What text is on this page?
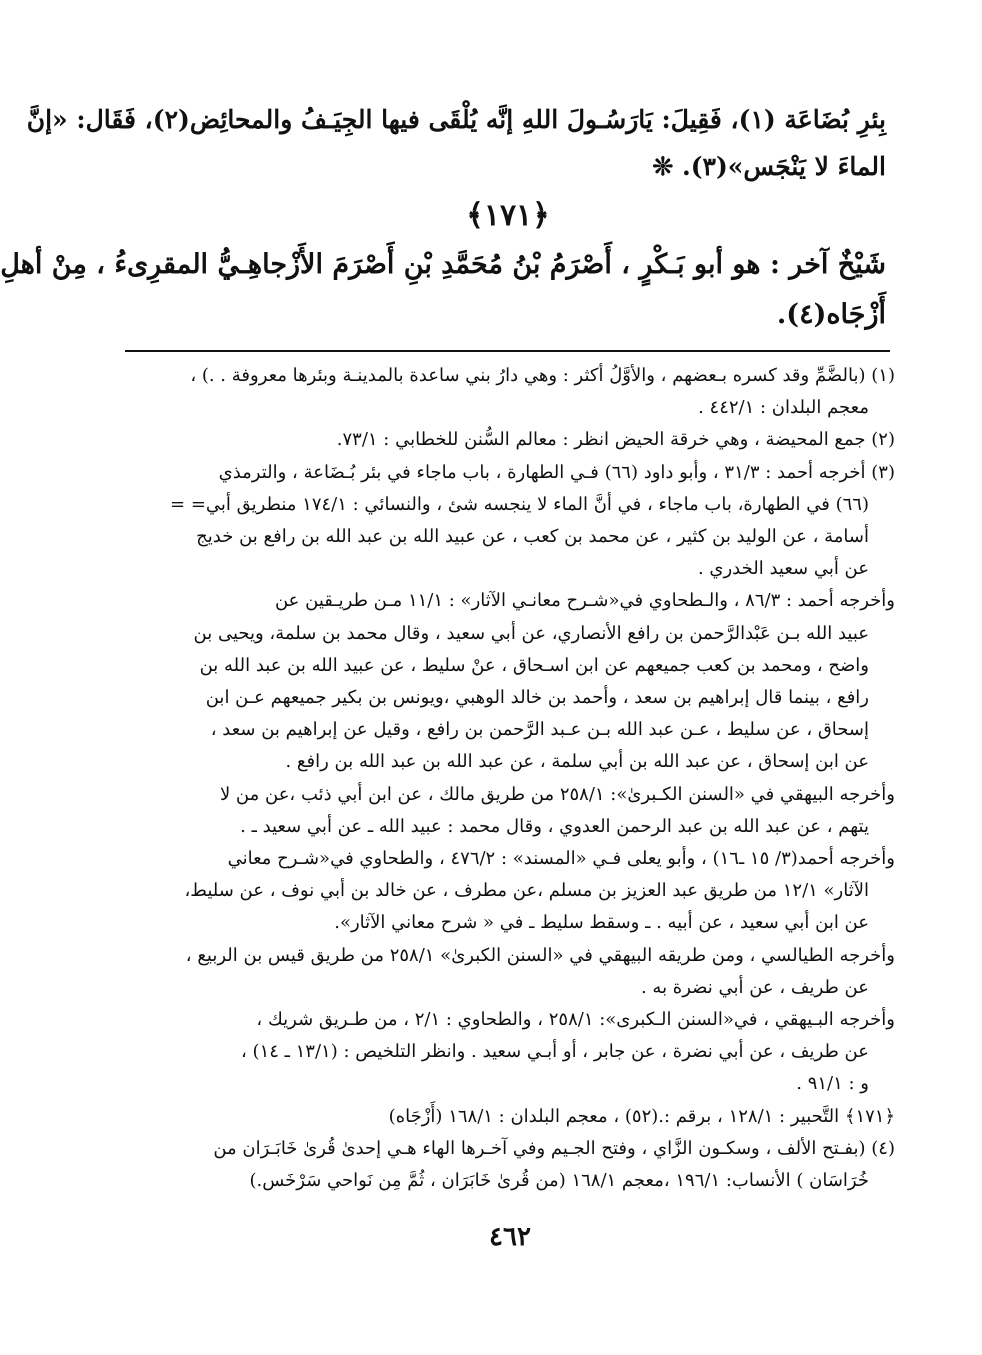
بِئرِ بُضَاعَة (١)، فَقِيلَ: يَارَسُـولَ اللهِ إنَّه يُلْقَى فيها الجِيَـفُ والمحائِض(٢)، فَقَال: «إنَّ
الماءَ لا يَنْجَس»(٣). ❊
﴿١٧١﴾
شَيْخٌ آخر : هو أبو بَـكْرٍ ، أَصْرَمُ بْنُ مُحَمَّدِ بْنِ أَصْرَمَ الأَزْجاهِـيُّ المقرِىءُ ، مِنْ أهلِ
أَزْجَاه(٤).
(١) (بالضَّمِّ وقد كسره بـعضهم ، والأوَّلُ أكثر : وهي دارُ بني ساعدة بالمدينـة وبئرها معروفة . .) ،
معجم البلدان : ٤٤٢/١ .
(٢) جمع المحيضة ، وهي خرقة الحيض انظر : معالم السُّنن للخطابي : ٧٣/١.
(٣) أخرجه أحمد : ٣١/٣ ، وأبو داود (٦٦) فـي الطهارة ، باب ماجاء في بئر بُـضَاعة ، والترمذي
(٦٦) في الطهارة، باب ماجاء ، في أنَّ الماء لا ينجسه شئ ، والنسائي : ١٧٤/١ منطريق أبي= =
أسامة ، عن الوليد بن كثير ، عن محمد بن كعب ، عن عبيد الله بن عبد الله بن رافع بن خديج
عن أبي سعيد الخدري .
وأخرجه أحمد : ٨٦/٣ ، والـطحاوي في«شـرح معانـي الآثار» : ١١/١ مـن طريـقين عن
عبيد الله بـن عَبْدالرَّحمن بن رافع الأنصاري، عن أبي سعيد ، وقال محمد بن سلمة، ويحيى بن
واضح ، ومحمد بن كعب جميعهم عن ابن اسـحاق ، عنْ سليط ، عن عبيد الله بن عبد الله بن
رافع ، بينما قال إبراهيم بن سعد ، وأحمد بن خالد الوهبي ،ويونس بن بكير جميعهم عـن ابن
إسحاق ، عن سليط ، عـن عبد الله بـن عـبد الرَّحمن بن رافع ، وقيل عن إبراهيم بن سعد ،
عن ابن إسحاق ، عن عبد الله بن أبي سلمة ، عن عبد الله بن عبد الله بن رافع .
وأخرجه البيهقي في «السنن الكـبرىٰ»: ٢٥٨/١ من طريق مالك ، عن ابن أبي ذئب ،عن من لا
يتهم ، عن عبد الله بن عبد الرحمن العدوي ، وقال محمد : عبيد الله ـ عن أبي سعيد ـ .
وأخرجه أحمد(٣/ ١٥ ـ١٦) ، وأبو يعلى فـي «المسند» : ٤٧٦/٢ ، والطحاوي في«شـرح معاني
الآثار» ١٢/١ من طريق عبد العزيز بن مسلم ،عن مطرف ، عن خالد بن أبي نوف ، عن سليط،
عن ابن أبي سعيد ، عن أبيه . ـ وسقط سليط ـ في « شرح معاني الآثار».
وأخرجه الطيالسي ، ومن طريقه البيهقي في «السنن الكبرىٰ» ٢٥٨/١ من طريق قيس بن الربيع ،
عن طريف ، عن أبي نضرة به .
وأخرجه البـيهقي ، في«السنن الـكبرى»: ٢٥٨/١ ، والطحاوي : ٢/١ ، من طـريق شريك ،
عن طريف ، عن أبي نضرة ، عن جابر ، أو أبـي سعيد . وانظر التلخيص : (١٣/١ ـ ١٤) ،
و : ٩١/١ .
﴿١٧١﴾ التَّحبير : ١٢٨/١ ، برقم :.(٥٢) ، معجم البلدان : ١٦٨/١ (أَزْجَاه)
(٤) (بفـتح الألف ، وسكـون الزَّاي ، وفتح الجـيم وفي آخـرها الهاء هـي إحدىٰ قُرىٰ خَابَـرَان من
خُرَاسَان ) الأنساب: ١٩٦/١ ،معجم ١٦٨/١ (من قُرىٰ خَابَرَان ، ثُمَّ مِن نَواحي سَرْخَس.)
٤٦٢
